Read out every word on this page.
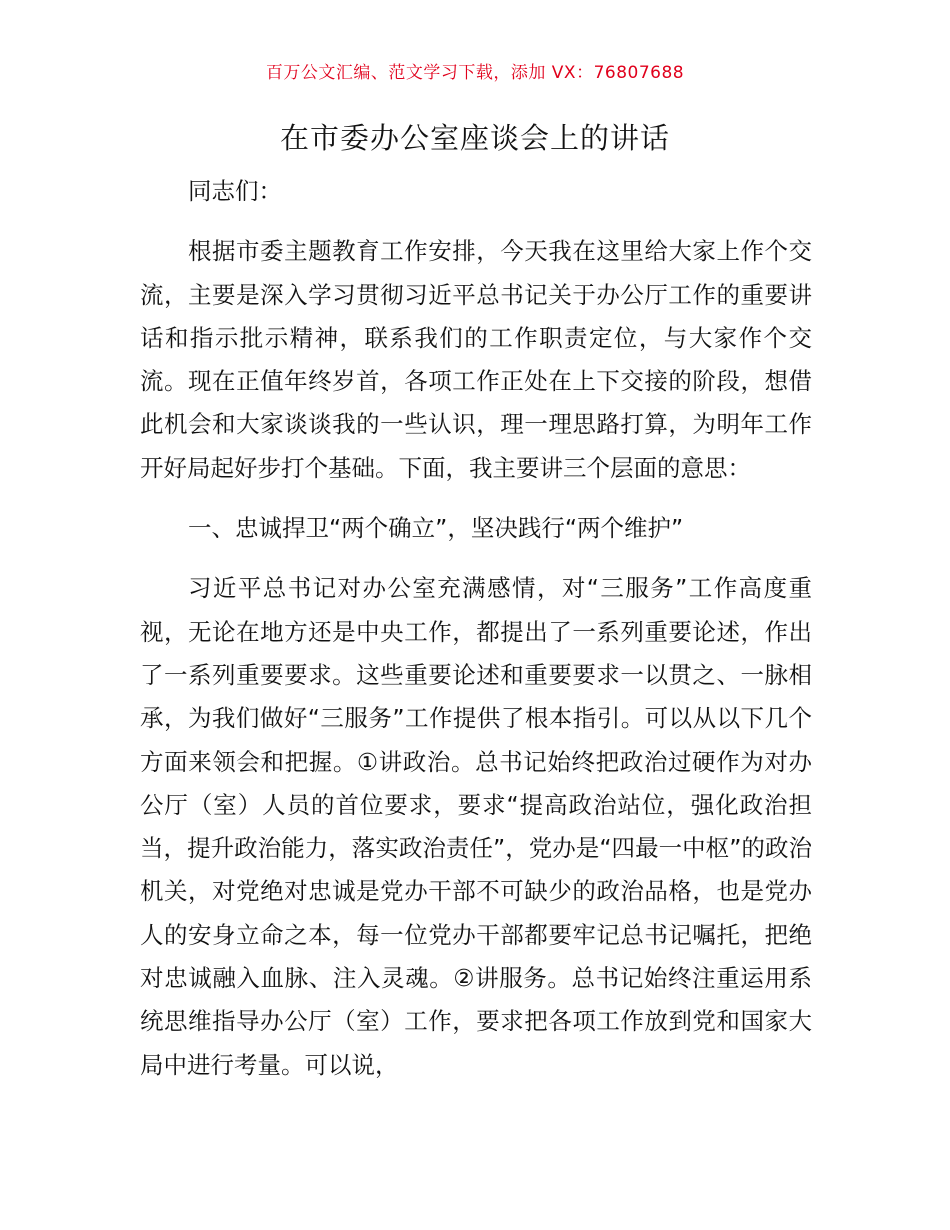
百万公文汇编、范文学习下载，添加 VX：76807688
在市委办公室座谈会上的讲话

同志们：

根据市委主题教育工作安排，今天我在这里给大家上作个交流，主要是深入学习贯彻习近平总书记关于办公厅工作的重要讲话和指示批示精神，联系我们的工作职责定位，与大家作个交流。现在正值年终岁首，各项工作正处在上下交接的阶段，想借此机会和大家谈谈我的一些认识，理一理思路打算，为明年工作开好局起好步打个基础。下面，我主要讲三个层面的意思：

一、忠诚捍卫“两个确立”，坚决践行“两个维护”

习近平总书记对办公室充满感情，对“三服务”工作高度重视，无论在地方还是中央工作，都提出了一系列重要论述，作出了一系列重要要求。这些重要论述和重要要求一以贯之、一脉相承，为我们做好“三服务”工作提供了根本指引。可以从以下几个方面来领会和把握。①讲政治。总书记始终把政治过硬作为对办公厅（室）人员的首位要求，要求“提高政治站位，强化政治担当，提升政治能力，落实政治责任”，党办是“四最一中枢”的政治机关，对党绝对忠诚是党办干部不可缺少的政治品格，也是党办人的安身立命之本，每一位党办干部都要牢记总书记嘱托，把绝对忠诚融入血脉、注入灵魂。②讲服务。总书记始终注重运用系统思维指导办公厅（室）工作，要求把各项工作放到党和国家大局中进行考量。可以说，
